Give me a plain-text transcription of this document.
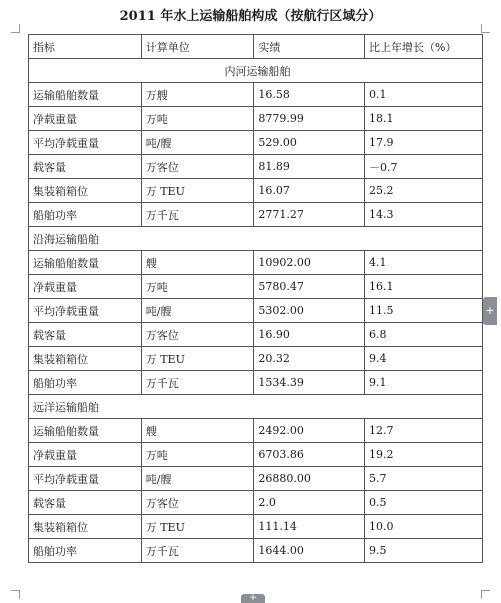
2011 年水上运输船舶构成（按航行区域分）
指标	计算单位	实绩	比上年增长（%）
内河运输船舶			
运输船舶数量	万艘	16.58	0.1
净载重量	万吨	8779.99	18.1
平均净载重量	吨/艘	529.00	17.9
载客量	万客位	81.89	－0.7
集装箱箱位	万 TEU	16.07	25.2
船舶功率	万千瓦	2771.27	14.3
沿海运输船舶			
运输船舶数量	艘	10902.00	4.1
净载重量	万吨	5780.47	16.1
平均净载重量	吨/艘	5302.00	11.5
载客量	万客位	16.90	6.8
集装箱箱位	万 TEU	20.32	9.4
船舶功率	万千瓦	1534.39	9.1
远洋运输船舶			
运输船舶数量	艘	2492.00	12.7
净载重量	万吨	6703.86	19.2
平均净载重量	吨/艘	26880.00	5.7
载客量	万客位	2.0	0.5
集装箱箱位	万 TEU	111.14	10.0
船舶功率	万千瓦	1644.00	9.5
+
+
